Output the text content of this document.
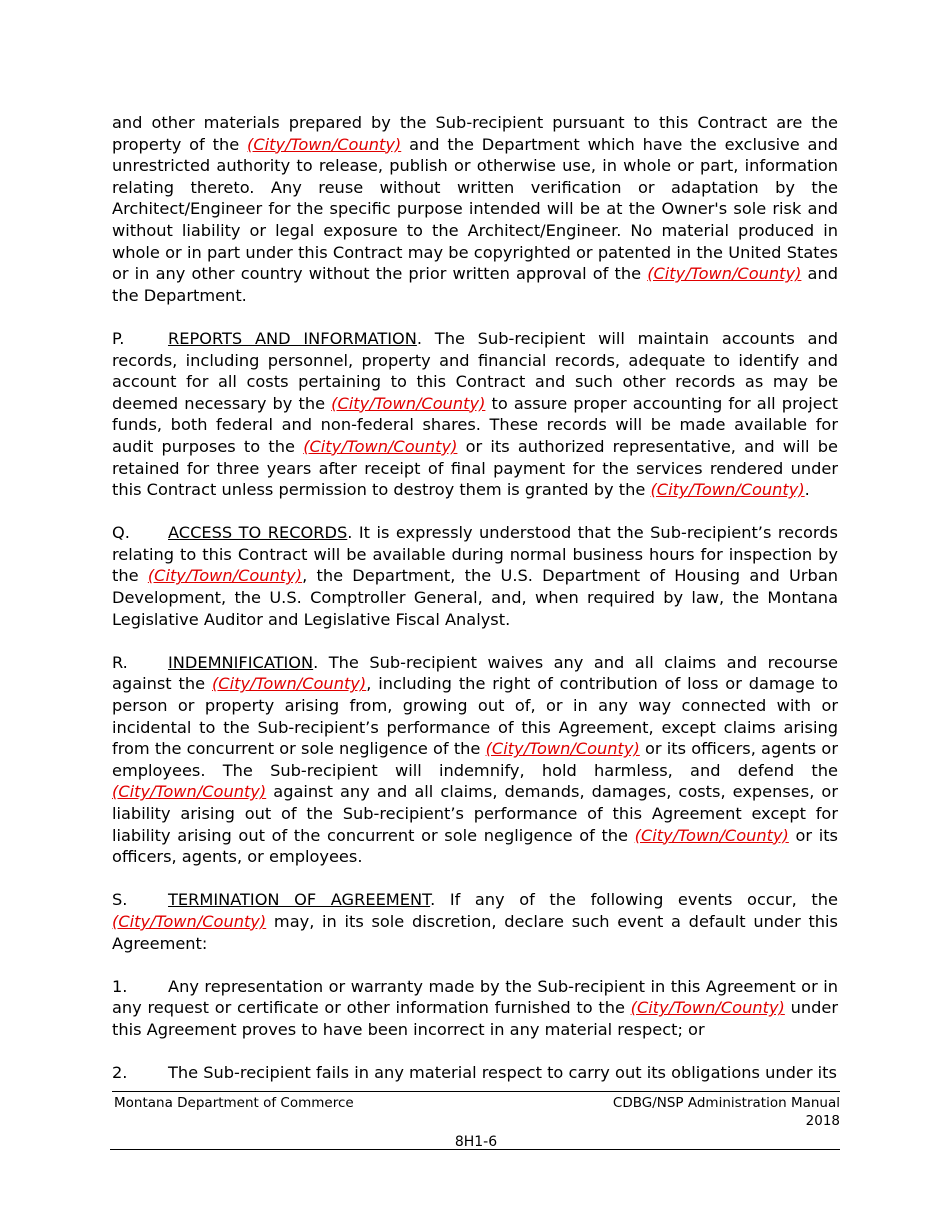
and other materials prepared by the Sub-recipient pursuant to this Contract are the property of the (City/Town/County) and the Department which have the exclusive and unrestricted authority to release, publish or otherwise use, in whole or part, information relating thereto. Any reuse without written verification or adaptation by the Architect/Engineer for the specific purpose intended will be at the Owner's sole risk and without liability or legal exposure to the Architect/Engineer. No material produced in whole or in part under this Contract may be copyrighted or patented in the United States or in any other country without the prior written approval of the (City/Town/County) and the Department.

P.	REPORTS AND INFORMATION. The Sub-recipient will maintain accounts and records, including personnel, property and financial records, adequate to identify and account for all costs pertaining to this Contract and such other records as may be deemed necessary by the (City/Town/County) to assure proper accounting for all project funds, both federal and non-federal shares. These records will be made available for audit purposes to the (City/Town/County) or its authorized representative, and will be retained for three years after receipt of final payment for the services rendered under this Contract unless permission to destroy them is granted by the (City/Town/County).

Q. ACCESS TO RECORDS. It is expressly understood that the Sub-recipient’s records relating to this Contract will be available during normal business hours for inspection by the (City/Town/County), the Department, the U.S. Department of Housing and Urban Development, the U.S. Comptroller General, and, when required by law, the Montana Legislative Auditor and Legislative Fiscal Analyst.

R. INDEMNIFICATION. The Sub-recipient waives any and all claims and recourse against the (City/Town/County), including the right of contribution of loss or damage to person or property arising from, growing out of, or in any way connected with or incidental to the Sub-recipient’s performance of this Agreement, except claims arising from the concurrent or sole negligence of the (City/Town/County) or its officers, agents or employees. The Sub-recipient will indemnify, hold harmless, and defend the (City/Town/County) against any and all claims, demands, damages, costs, expenses, or liability arising out of the Sub-recipient’s performance of this Agreement except for liability arising out of the concurrent or sole negligence of the (City/Town/County) or its officers, agents, or employees.

S.	TERMINATION OF AGREEMENT. If any of the following events occur, the (City/Town/County) may, in its sole discretion, declare such event a default under this Agreement:

1.	Any representation or warranty made by the Sub-recipient in this Agreement or in any request or certificate or other information furnished to the (City/Town/County) under this Agreement proves to have been incorrect in any material respect; or

2.	The Sub-recipient fails in any material respect to carry out its obligations under its

Montana Department of Commerce	CDBG/NSP Administration Manual
2018
8H1-6
